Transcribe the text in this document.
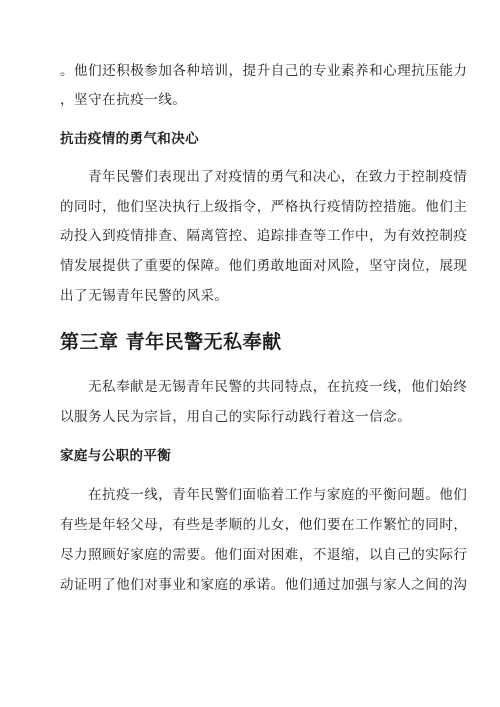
。他们还积极参加各种培训，提升自己的专业素养和心理抗压能力
，坚守在抗疫一线。
抗击疫情的勇气和决心
青年民警们表现出了对疫情的勇气和决心，在致力于控制疫情
的同时，他们坚决执行上级指令，严格执行疫情防控措施。他们主
动投入到疫情排查、隔离管控、追踪排查等工作中，为有效控制疫
情发展提供了重要的保障。他们勇敢地面对风险，坚守岗位，展现
出了无锡青年民警的风采。
第三章 青年民警无私奉献
无私奉献是无锡青年民警的共同特点，在抗疫一线，他们始终
以服务人民为宗旨，用自己的实际行动践行着这一信念。
家庭与公职的平衡
在抗疫一线，青年民警们面临着工作与家庭的平衡问题。他们
有些是年轻父母，有些是孝顺的儿女，他们要在工作繁忙的同时，
尽力照顾好家庭的需要。他们面对困难，不退缩，以自己的实际行
动证明了他们对事业和家庭的承诺。他们通过加强与家人之间的沟
